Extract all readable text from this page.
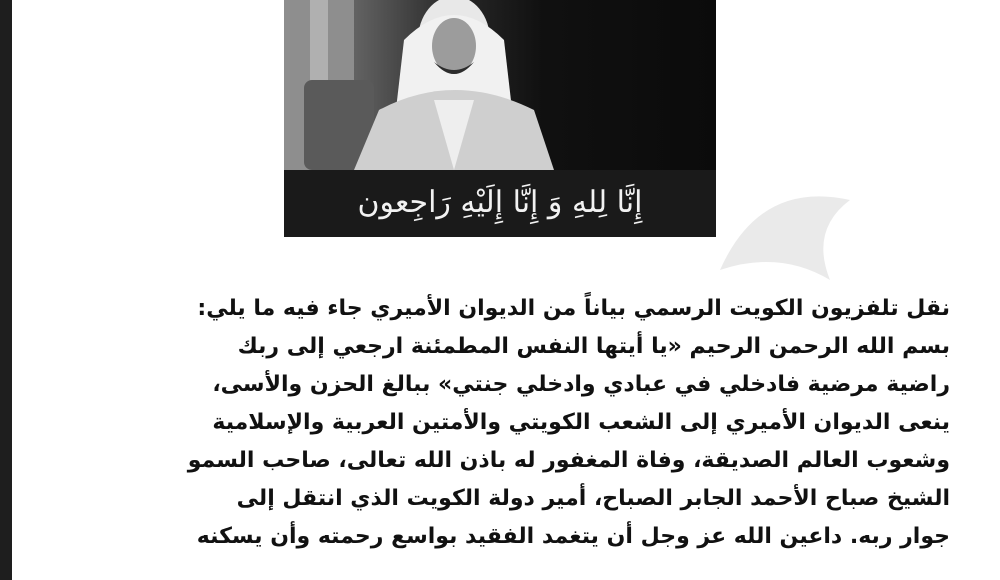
إِنَّا لِلهِ وَ إِنَّا إِلَيْهِ رَاجِعون
نقل تلفزيون الكويت الرسمي بياناً من الديوان الأميري جاء فيه ما يلي:
بسم الله الرحمن الرحيم «يا أيتها النفس المطمئنة ارجعي إلى ربك
راضية مرضية فادخلي في عبادي وادخلي جنتي» ببالغ الحزن والأسى،
ينعى الديوان الأميري إلى الشعب الكويتي والأمتين العربية والإسلامية
وشعوب العالم الصديقة، وفاة المغفور له باذن الله تعالى، صاحب السمو
الشيخ صباح الأحمد الجابر الصباح، أمير دولة الكويت الذي انتقل إلى
جوار ربه. داعين الله عز وجل أن يتغمد الفقيد بواسع رحمته وأن يسكنه
